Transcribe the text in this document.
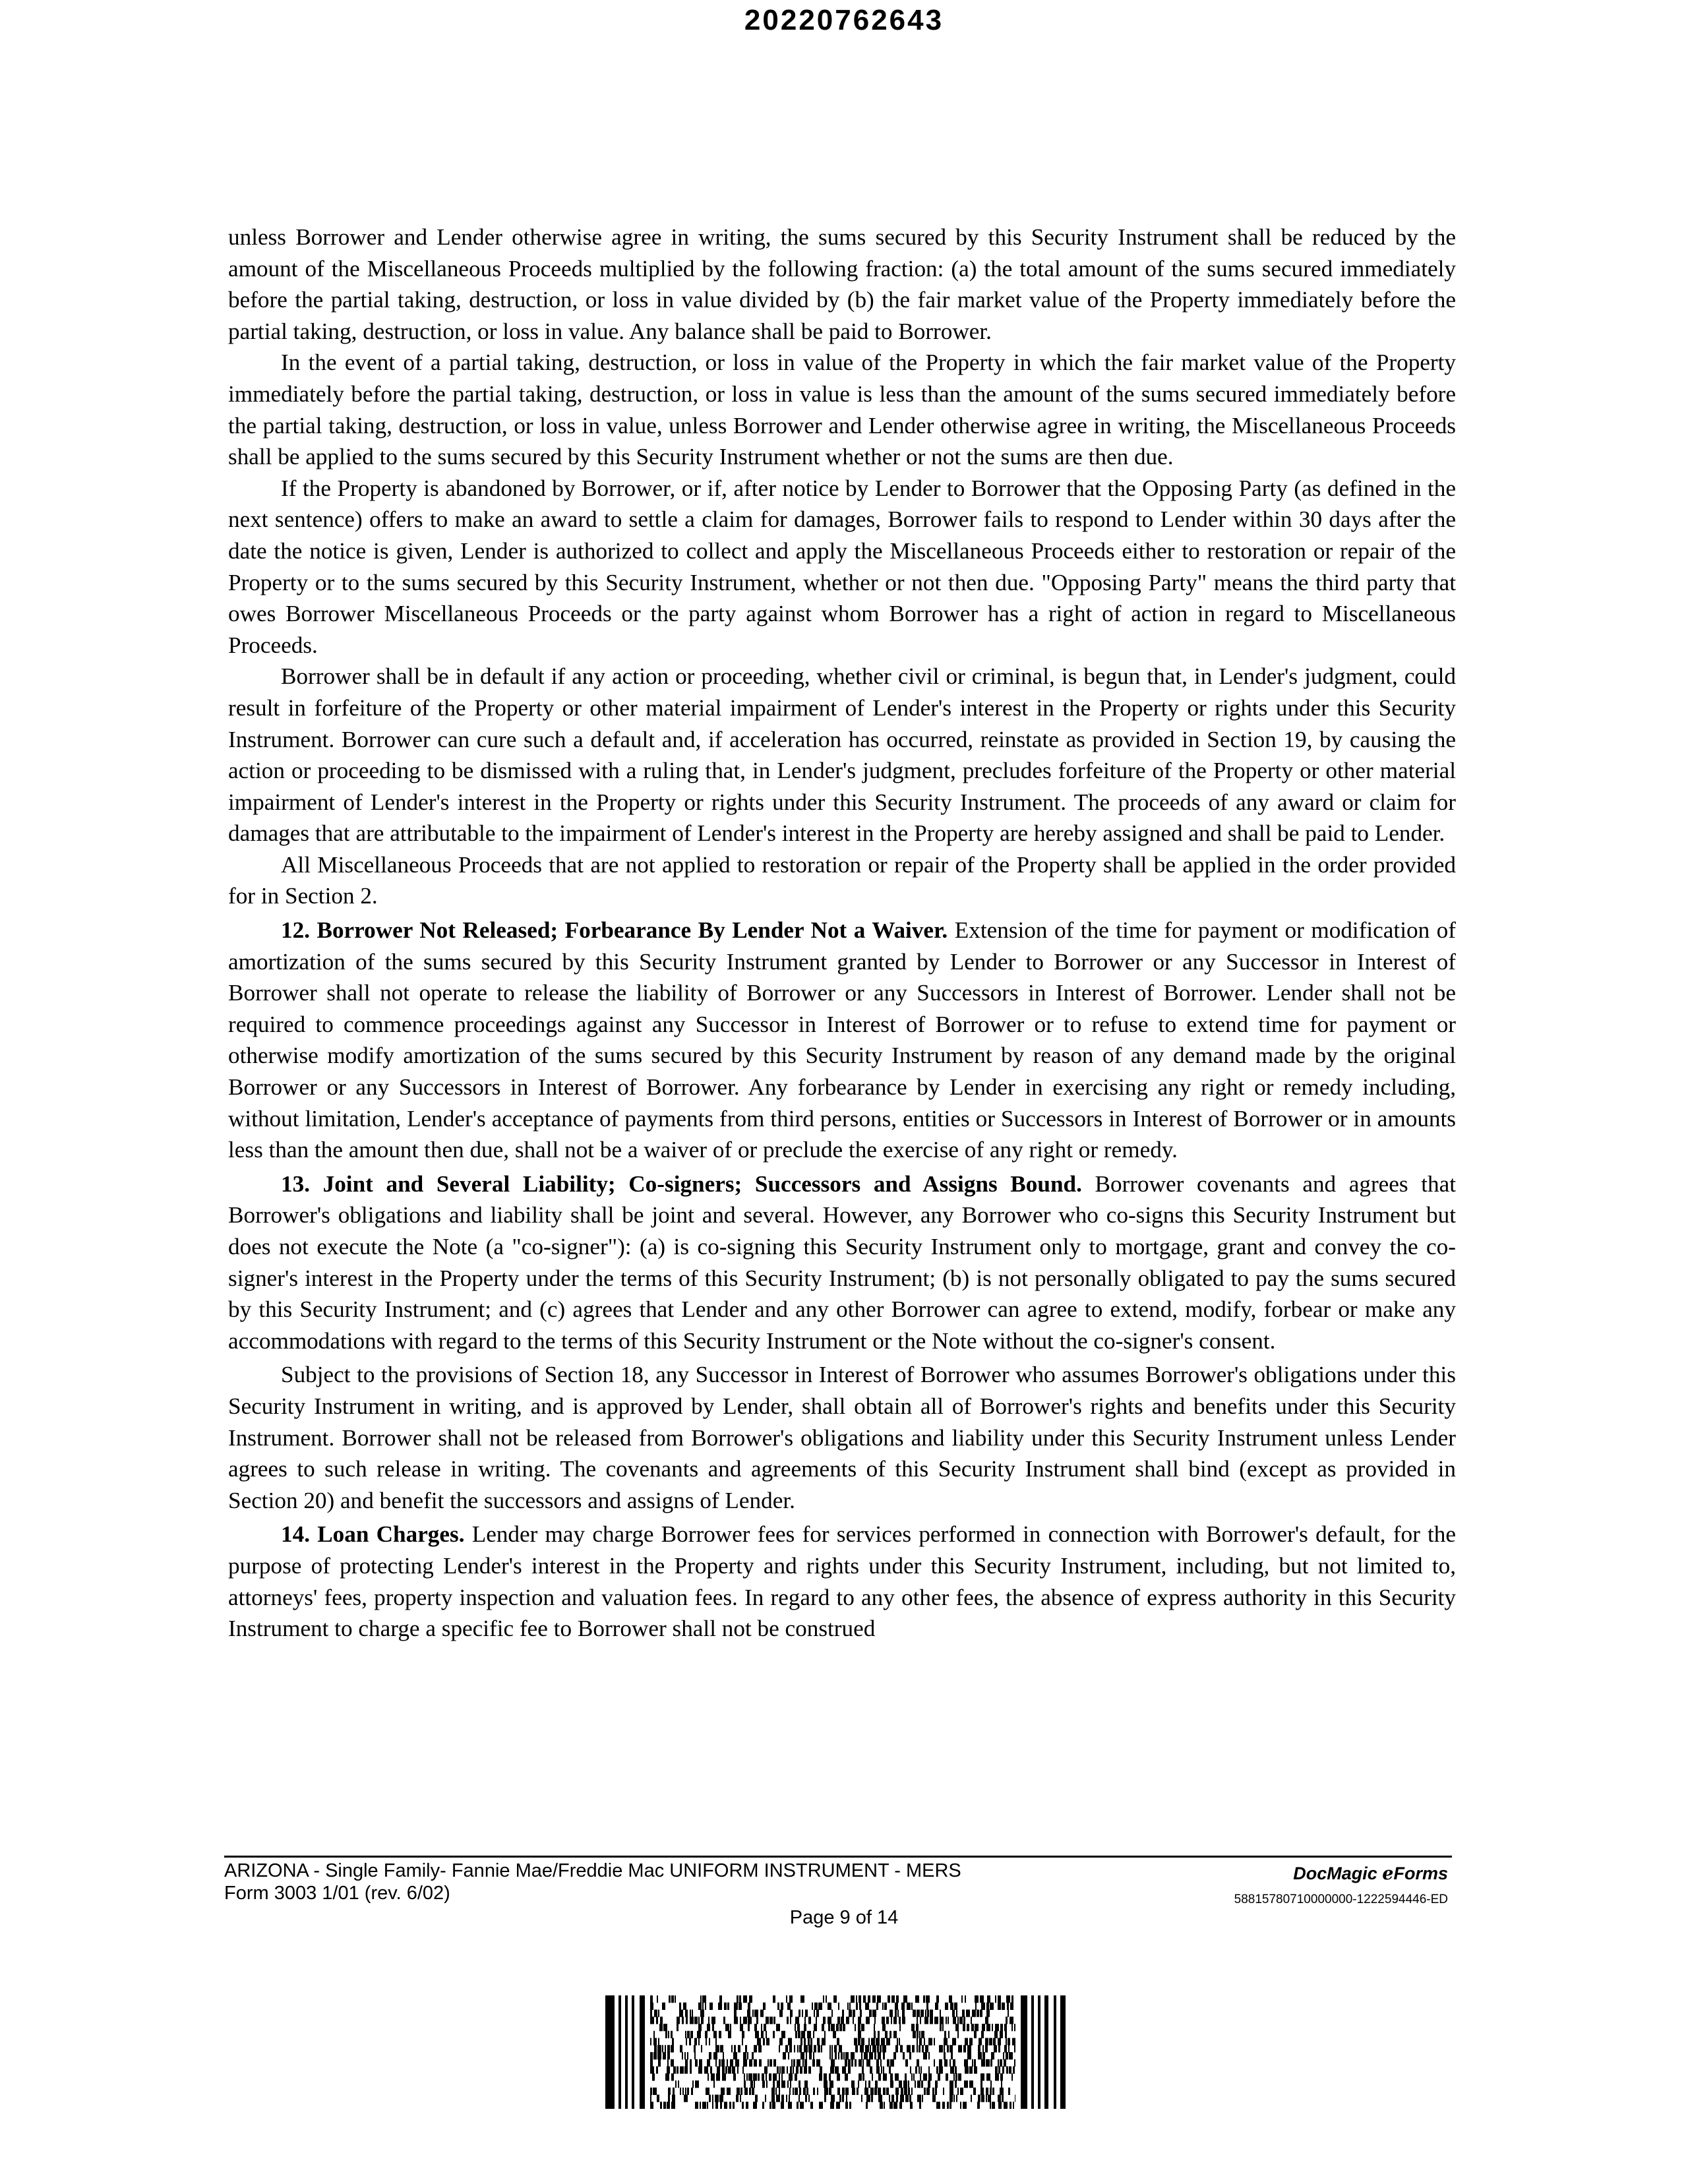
20220762643

unless Borrower and Lender otherwise agree in writing, the sums secured by this Security Instrument shall be reduced by the amount of the Miscellaneous Proceeds multiplied by the following fraction: (a) the total amount of the sums secured immediately before the partial taking, destruction, or loss in value divided by (b) the fair market value of the Property immediately before the partial taking, destruction, or loss in value. Any balance shall be paid to Borrower.

In the event of a partial taking, destruction, or loss in value of the Property in which the fair market value of the Property immediately before the partial taking, destruction, or loss in value is less than the amount of the sums secured immediately before the partial taking, destruction, or loss in value, unless Borrower and Lender otherwise agree in writing, the Miscellaneous Proceeds shall be applied to the sums secured by this Security Instrument whether or not the sums are then due.

If the Property is abandoned by Borrower, or if, after notice by Lender to Borrower that the Opposing Party (as defined in the next sentence) offers to make an award to settle a claim for damages, Borrower fails to respond to Lender within 30 days after the date the notice is given, Lender is authorized to collect and apply the Miscellaneous Proceeds either to restoration or repair of the Property or to the sums secured by this Security Instrument, whether or not then due. "Opposing Party" means the third party that owes Borrower Miscellaneous Proceeds or the party against whom Borrower has a right of action in regard to Miscellaneous Proceeds.

Borrower shall be in default if any action or proceeding, whether civil or criminal, is begun that, in Lender's judgment, could result in forfeiture of the Property or other material impairment of Lender's interest in the Property or rights under this Security Instrument. Borrower can cure such a default and, if acceleration has occurred, reinstate as provided in Section 19, by causing the action or proceeding to be dismissed with a ruling that, in Lender's judgment, precludes forfeiture of the Property or other material impairment of Lender's interest in the Property or rights under this Security Instrument. The proceeds of any award or claim for damages that are attributable to the impairment of Lender's interest in the Property are hereby assigned and shall be paid to Lender.

All Miscellaneous Proceeds that are not applied to restoration or repair of the Property shall be applied in the order provided for in Section 2.

12. Borrower Not Released; Forbearance By Lender Not a Waiver. Extension of the time for payment or modification of amortization of the sums secured by this Security Instrument granted by Lender to Borrower or any Successor in Interest of Borrower shall not operate to release the liability of Borrower or any Successors in Interest of Borrower. Lender shall not be required to commence proceedings against any Successor in Interest of Borrower or to refuse to extend time for payment or otherwise modify amortization of the sums secured by this Security Instrument by reason of any demand made by the original Borrower or any Successors in Interest of Borrower. Any forbearance by Lender in exercising any right or remedy including, without limitation, Lender's acceptance of payments from third persons, entities or Successors in Interest of Borrower or in amounts less than the amount then due, shall not be a waiver of or preclude the exercise of any right or remedy.

13. Joint and Several Liability; Co-signers; Successors and Assigns Bound. Borrower covenants and agrees that Borrower's obligations and liability shall be joint and several. However, any Borrower who co-signs this Security Instrument but does not execute the Note (a "co-signer"): (a) is co-signing this Security Instrument only to mortgage, grant and convey the co-signer's interest in the Property under the terms of this Security Instrument; (b) is not personally obligated to pay the sums secured by this Security Instrument; and (c) agrees that Lender and any other Borrower can agree to extend, modify, forbear or make any accommodations with regard to the terms of this Security Instrument or the Note without the co-signer's consent.

Subject to the provisions of Section 18, any Successor in Interest of Borrower who assumes Borrower's obligations under this Security Instrument in writing, and is approved by Lender, shall obtain all of Borrower's rights and benefits under this Security Instrument. Borrower shall not be released from Borrower's obligations and liability under this Security Instrument unless Lender agrees to such release in writing. The covenants and agreements of this Security Instrument shall bind (except as provided in Section 20) and benefit the successors and assigns of Lender.

14. Loan Charges. Lender may charge Borrower fees for services performed in connection with Borrower's default, for the purpose of protecting Lender's interest in the Property and rights under this Security Instrument, including, but not limited to, attorneys' fees, property inspection and valuation fees. In regard to any other fees, the absence of express authority in this Security Instrument to charge a specific fee to Borrower shall not be construed

ARIZONA - Single Family- Fannie Mae/Freddie Mac UNIFORM INSTRUMENT - MERS
Form 3003 1/01 (rev. 6/02)
DocMagic eForms
58815780710000000-1222594446-ED
Page 9 of 14
